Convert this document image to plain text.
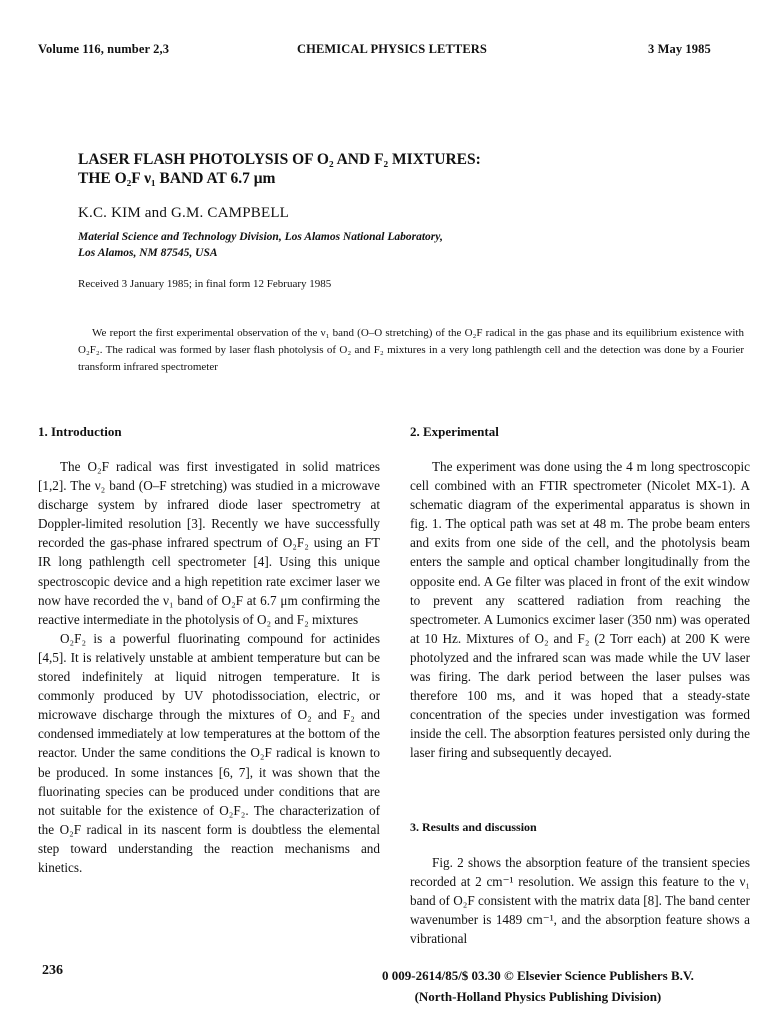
Volume 116, number 2,3	CHEMICAL PHYSICS LETTERS	3 May 1985
LASER FLASH PHOTOLYSIS OF O₂ AND F₂ MIXTURES:
THE O₂F ν₁ BAND AT 6.7 μm
K.C. KIM and G.M. CAMPBELL
Material Science and Technology Division, Los Alamos National Laboratory,
Los Alamos, NM 87545, USA
Received 3 January 1985; in final form 12 February 1985
We report the first experimental observation of the ν₁ band (O–O stretching) of the O₂F radical in the gas phase and its equilibrium existence with O₂F₂. The radical was formed by laser flash photolysis of O₂ and F₂ mixtures in a very long pathlength cell and the detection was done by a Fourier transform infrared spectrometer
1. Introduction

The O₂F radical was first investigated in solid matrices [1,2]. The ν₂ band (O–F stretching) was studied in a microwave discharge system by infrared diode laser spectrometry at Doppler-limited resolution [3]. Recently we have successfully recorded the gas-phase infrared spectrum of O₂F₂ using an FT IR long pathlength cell spectrometer [4]. Using this unique spectroscopic device and a high repetition rate excimer laser we now have recorded the ν₁ band of O₂F at 6.7 μm confirming the reactive intermediate in the photolysis of O₂ and F₂ mixtures

O₂F₂ is a powerful fluorinating compound for actinides [4,5]. It is relatively unstable at ambient temperature but can be stored indefinitely at liquid nitrogen temperature. It is commonly produced by UV photodissociation, electric, or microwave discharge through the mixtures of O₂ and F₂ and condensed immediately at low temperatures at the bottom of the reactor. Under the same conditions the O₂F radical is known to be produced. In some instances [6, 7], it was shown that the fluorinating species can be produced under conditions that are not suitable for the existence of O₂F₂. The characterization of the O₂F radical in its nascent form is doubtless the elemental step toward understanding the reaction mechanisms and kinetics.

2. Experimental

The experiment was done using the 4 m long spectroscopic cell combined with an FTIR spectrometer (Nicolet MX-1). A schematic diagram of the experimental apparatus is shown in fig. 1. The optical path was set at 48 m. The probe beam enters and exits from one side of the cell, and the photolysis beam enters the sample and optical chamber longitudinally from the opposite end. A Ge filter was placed in front of the exit window to prevent any scattered radiation from reaching the spectrometer. A Lumonics excimer laser (350 nm) was operated at 10 Hz. Mixtures of O₂ and F₂ (2 Torr each) at 200 K were photolyzed and the infrared scan was made while the UV laser was firing. The dark period between the laser pulses was therefore 100 ms, and it was hoped that a steady-state concentration of the species under investigation was formed inside the cell. The absorption features persisted only during the laser firing and subsequently decayed.

3. Results and discussion

Fig. 2 shows the absorption feature of the transient species recorded at 2 cm⁻¹ resolution. We assign this feature to the ν₁ band of O₂F consistent with the matrix data [8]. The band center wavenumber is 1489 cm⁻¹, and the absorption feature shows a vibrational

236	0 009-2614/85/$ 03.30 © Elsevier Science Publishers B.V.
(North-Holland Physics Publishing Division)
